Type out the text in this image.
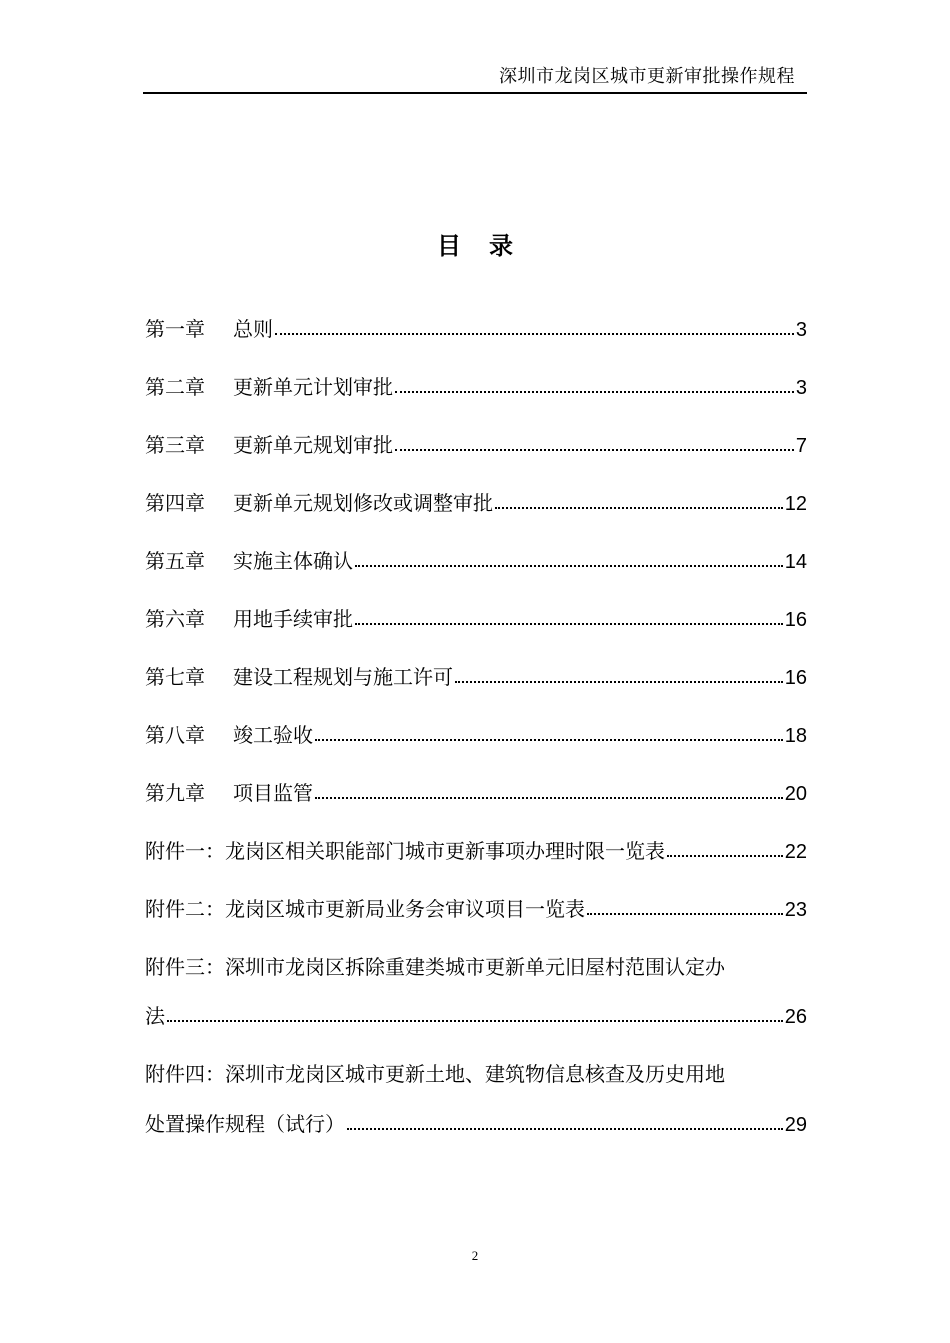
深圳市龙岗区城市更新审批操作规程
目录
第一章	总则	3
第二章	更新单元计划审批	3
第三章	更新单元规划审批	7
第四章	更新单元规划修改或调整审批	12
第五章	实施主体确认	14
第六章	用地手续审批	16
第七章	建设工程规划与施工许可	16
第八章	竣工验收	18
第九章	项目监管	20
附件一：龙岗区相关职能部门城市更新事项办理时限一览表	22
附件二：龙岗区城市更新局业务会审议项目一览表	23
附件三：深圳市龙岗区拆除重建类城市更新单元旧屋村范围认定办
法	26
附件四：深圳市龙岗区城市更新土地、建筑物信息核查及历史用地
处置操作规程（试行）	29
2
